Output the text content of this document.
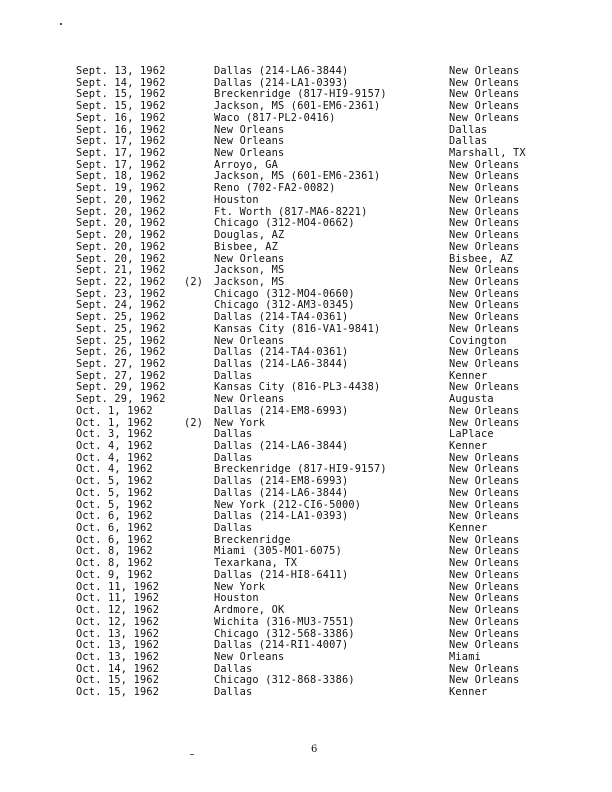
Sept. 13, 1962	Dallas (214-LA6-3844)	New Orleans
Sept. 14, 1962	Dallas (214-LA1-0393)	New Orleans
Sept. 15, 1962	Breckenridge (817-HI9-9157)	New Orleans
Sept. 15, 1962	Jackson, MS (601-EM6-2361)	New Orleans
Sept. 16, 1962	Waco (817-PL2-0416)	New Orleans
Sept. 16, 1962	New Orleans	Dallas
Sept. 17, 1962	New Orleans	Dallas
Sept. 17, 1962	New Orleans	Marshall, TX
Sept. 17, 1962	Arroyo, GA	New Orleans
Sept. 18, 1962	Jackson, MS (601-EM6-2361)	New Orleans
Sept. 19, 1962	Reno (702-FA2-0082)	New Orleans
Sept. 20, 1962	Houston	New Orleans
Sept. 20, 1962	Ft. Worth (817-MA6-8221)	New Orleans
Sept. 20, 1962	Chicago (312-MO4-0662)	New Orleans
Sept. 20, 1962	Douglas, AZ	New Orleans
Sept. 20, 1962	Bisbee, AZ	New Orleans
Sept. 20, 1962	New Orleans	Bisbee, AZ
Sept. 21, 1962	Jackson, MS	New Orleans
Sept. 22, 1962	(2)	Jackson, MS	New Orleans
Sept. 23, 1962	Chicago (312-MO4-0660)	New Orleans
Sept. 24, 1962	Chicago (312-AM3-0345)	New Orleans
Sept. 25, 1962	Dallas (214-TA4-0361)	New Orleans
Sept. 25, 1962	Kansas City (816-VA1-9841)	New Orleans
Sept. 25, 1962	New Orleans	Covington
Sept. 26, 1962	Dallas (214-TA4-0361)	New Orleans
Sept. 27, 1962	Dallas (214-LA6-3844)	New Orleans
Sept. 27, 1962	Dallas	Kenner
Sept. 29, 1962	Kansas City (816-PL3-4438)	New Orleans
Sept. 29, 1962	New Orleans	Augusta
Oct. 1, 1962	Dallas (214-EM8-6993)	New Orleans
Oct. 1, 1962	(2)	New York	New Orleans
Oct. 3, 1962	Dallas	LaPlace
Oct. 4, 1962	Dallas (214-LA6-3844)	Kenner
Oct. 4, 1962	Dallas	New Orleans
Oct. 4, 1962	Breckenridge (817-HI9-9157)	New Orleans
Oct. 5, 1962	Dallas (214-EM8-6993)	New Orleans
Oct. 5, 1962	Dallas (214-LA6-3844)	New Orleans
Oct. 5, 1962	New York (212-CI6-5000)	New Orleans
Oct. 6, 1962	Dallas (214-LA1-0393)	New Orleans
Oct. 6, 1962	Dallas	Kenner
Oct. 6, 1962	Breckenridge	New Orleans
Oct. 8, 1962	Miami (305-MO1-6075)	New Orleans
Oct. 8, 1962	Texarkana, TX	New Orleans
Oct. 9, 1962	Dallas (214-HI8-6411)	New Orleans
Oct. 11, 1962	New York	New Orleans
Oct. 11, 1962	Houston	New Orleans
Oct. 12, 1962	Ardmore, OK	New Orleans
Oct. 12, 1962	Wichita (316-MU3-7551)	New Orleans
Oct. 13, 1962	Chicago (312-568-3386)	New Orleans
Oct. 13, 1962	Dallas (214-RI1-4007)	New Orleans
Oct. 13, 1962	New Orleans	Miami
Oct. 14, 1962	Dallas	New Orleans
Oct. 15, 1962	Chicago (312-868-3386)	New Orleans
Oct. 15, 1962	Dallas	Kenner
6
